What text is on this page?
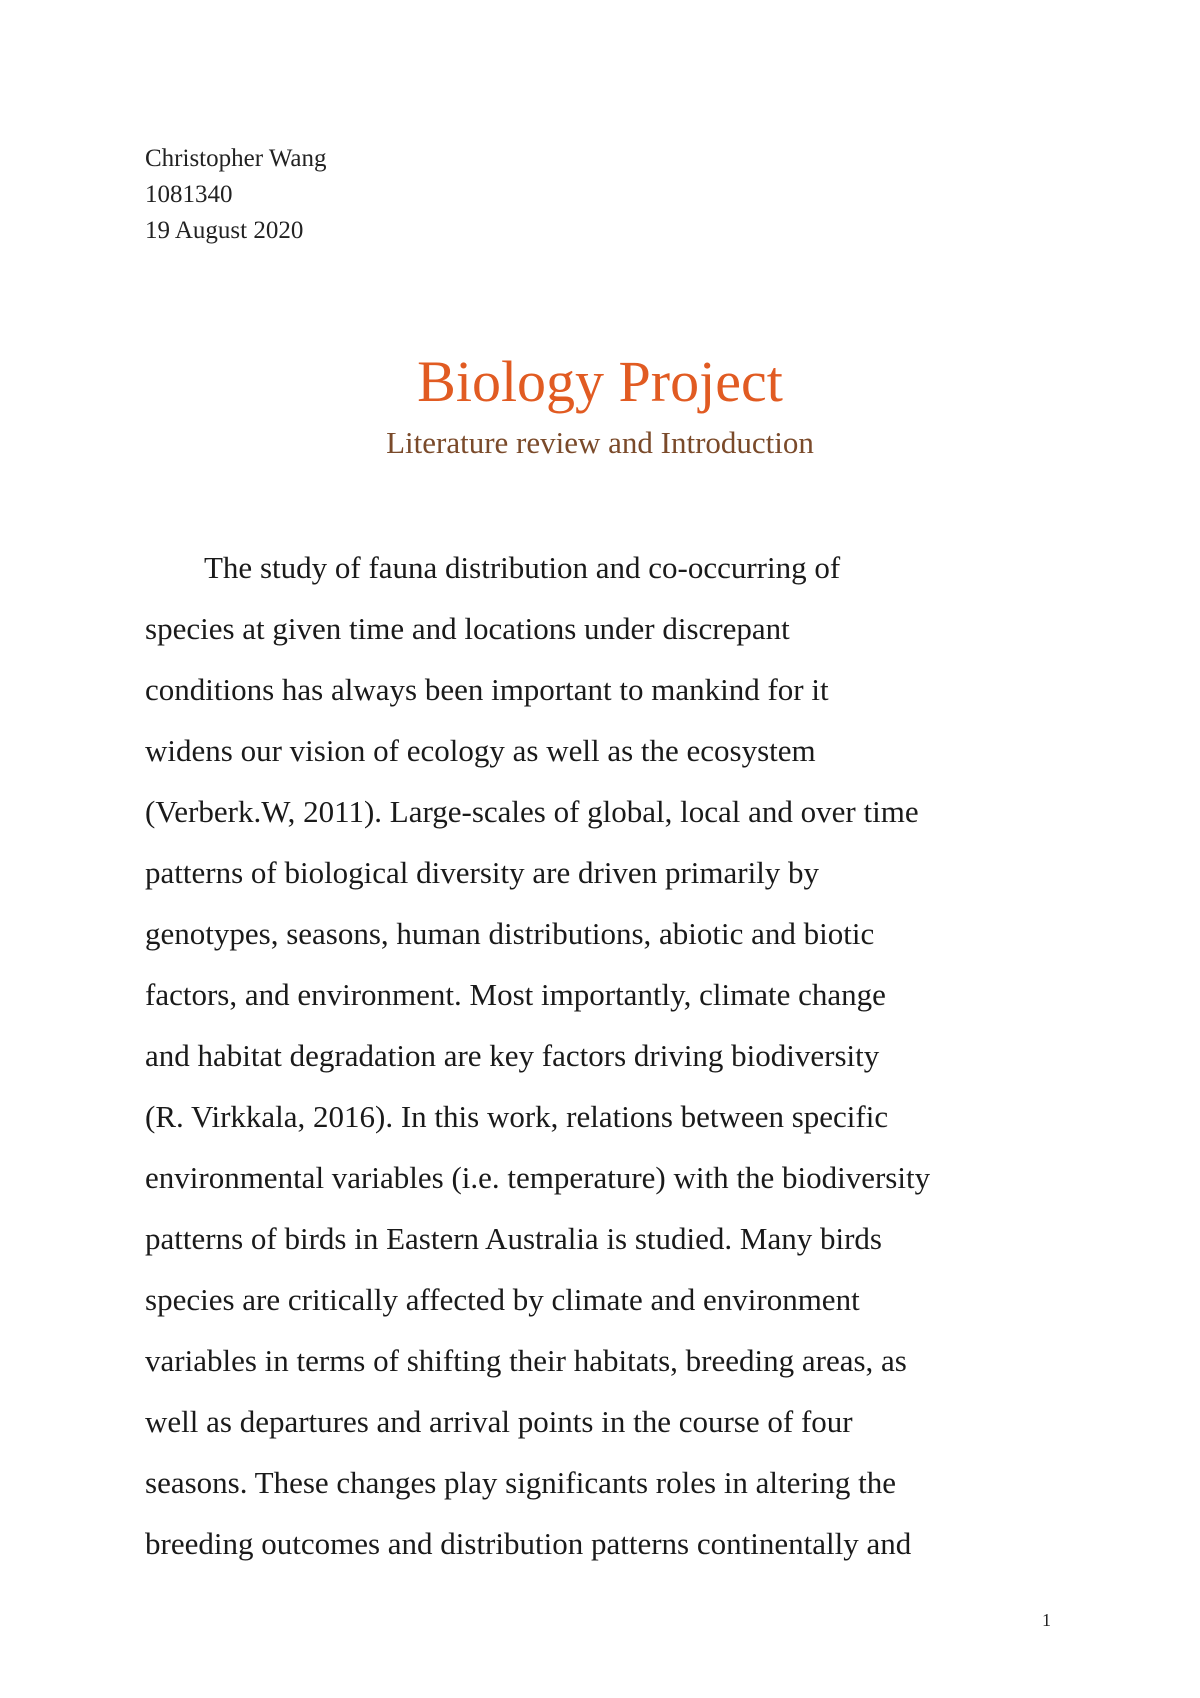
Christopher Wang
1081340
19 August 2020
Biology Project
Literature review and Introduction
The study of fauna distribution and co-occurring of
species at given time and locations under discrepant
conditions has always been important to mankind for it
widens our vision of ecology as well as the ecosystem
(Verberk.W, 2011). Large-scales of global, local and over time
patterns of biological diversity are driven primarily by
genotypes, seasons, human distributions, abiotic and biotic
factors, and environment. Most importantly, climate change
and habitat degradation are key factors driving biodiversity
(R. Virkkala, 2016). In this work, relations between specific
environmental variables (i.e. temperature) with the biodiversity
patterns of birds in Eastern Australia is studied. Many birds
species are critically affected by climate and environment
variables in terms of shifting their habitats, breeding areas, as
well as departures and arrival points in the course of four
seasons. These changes play significants roles in altering the
breeding outcomes and distribution patterns continentally and
1
